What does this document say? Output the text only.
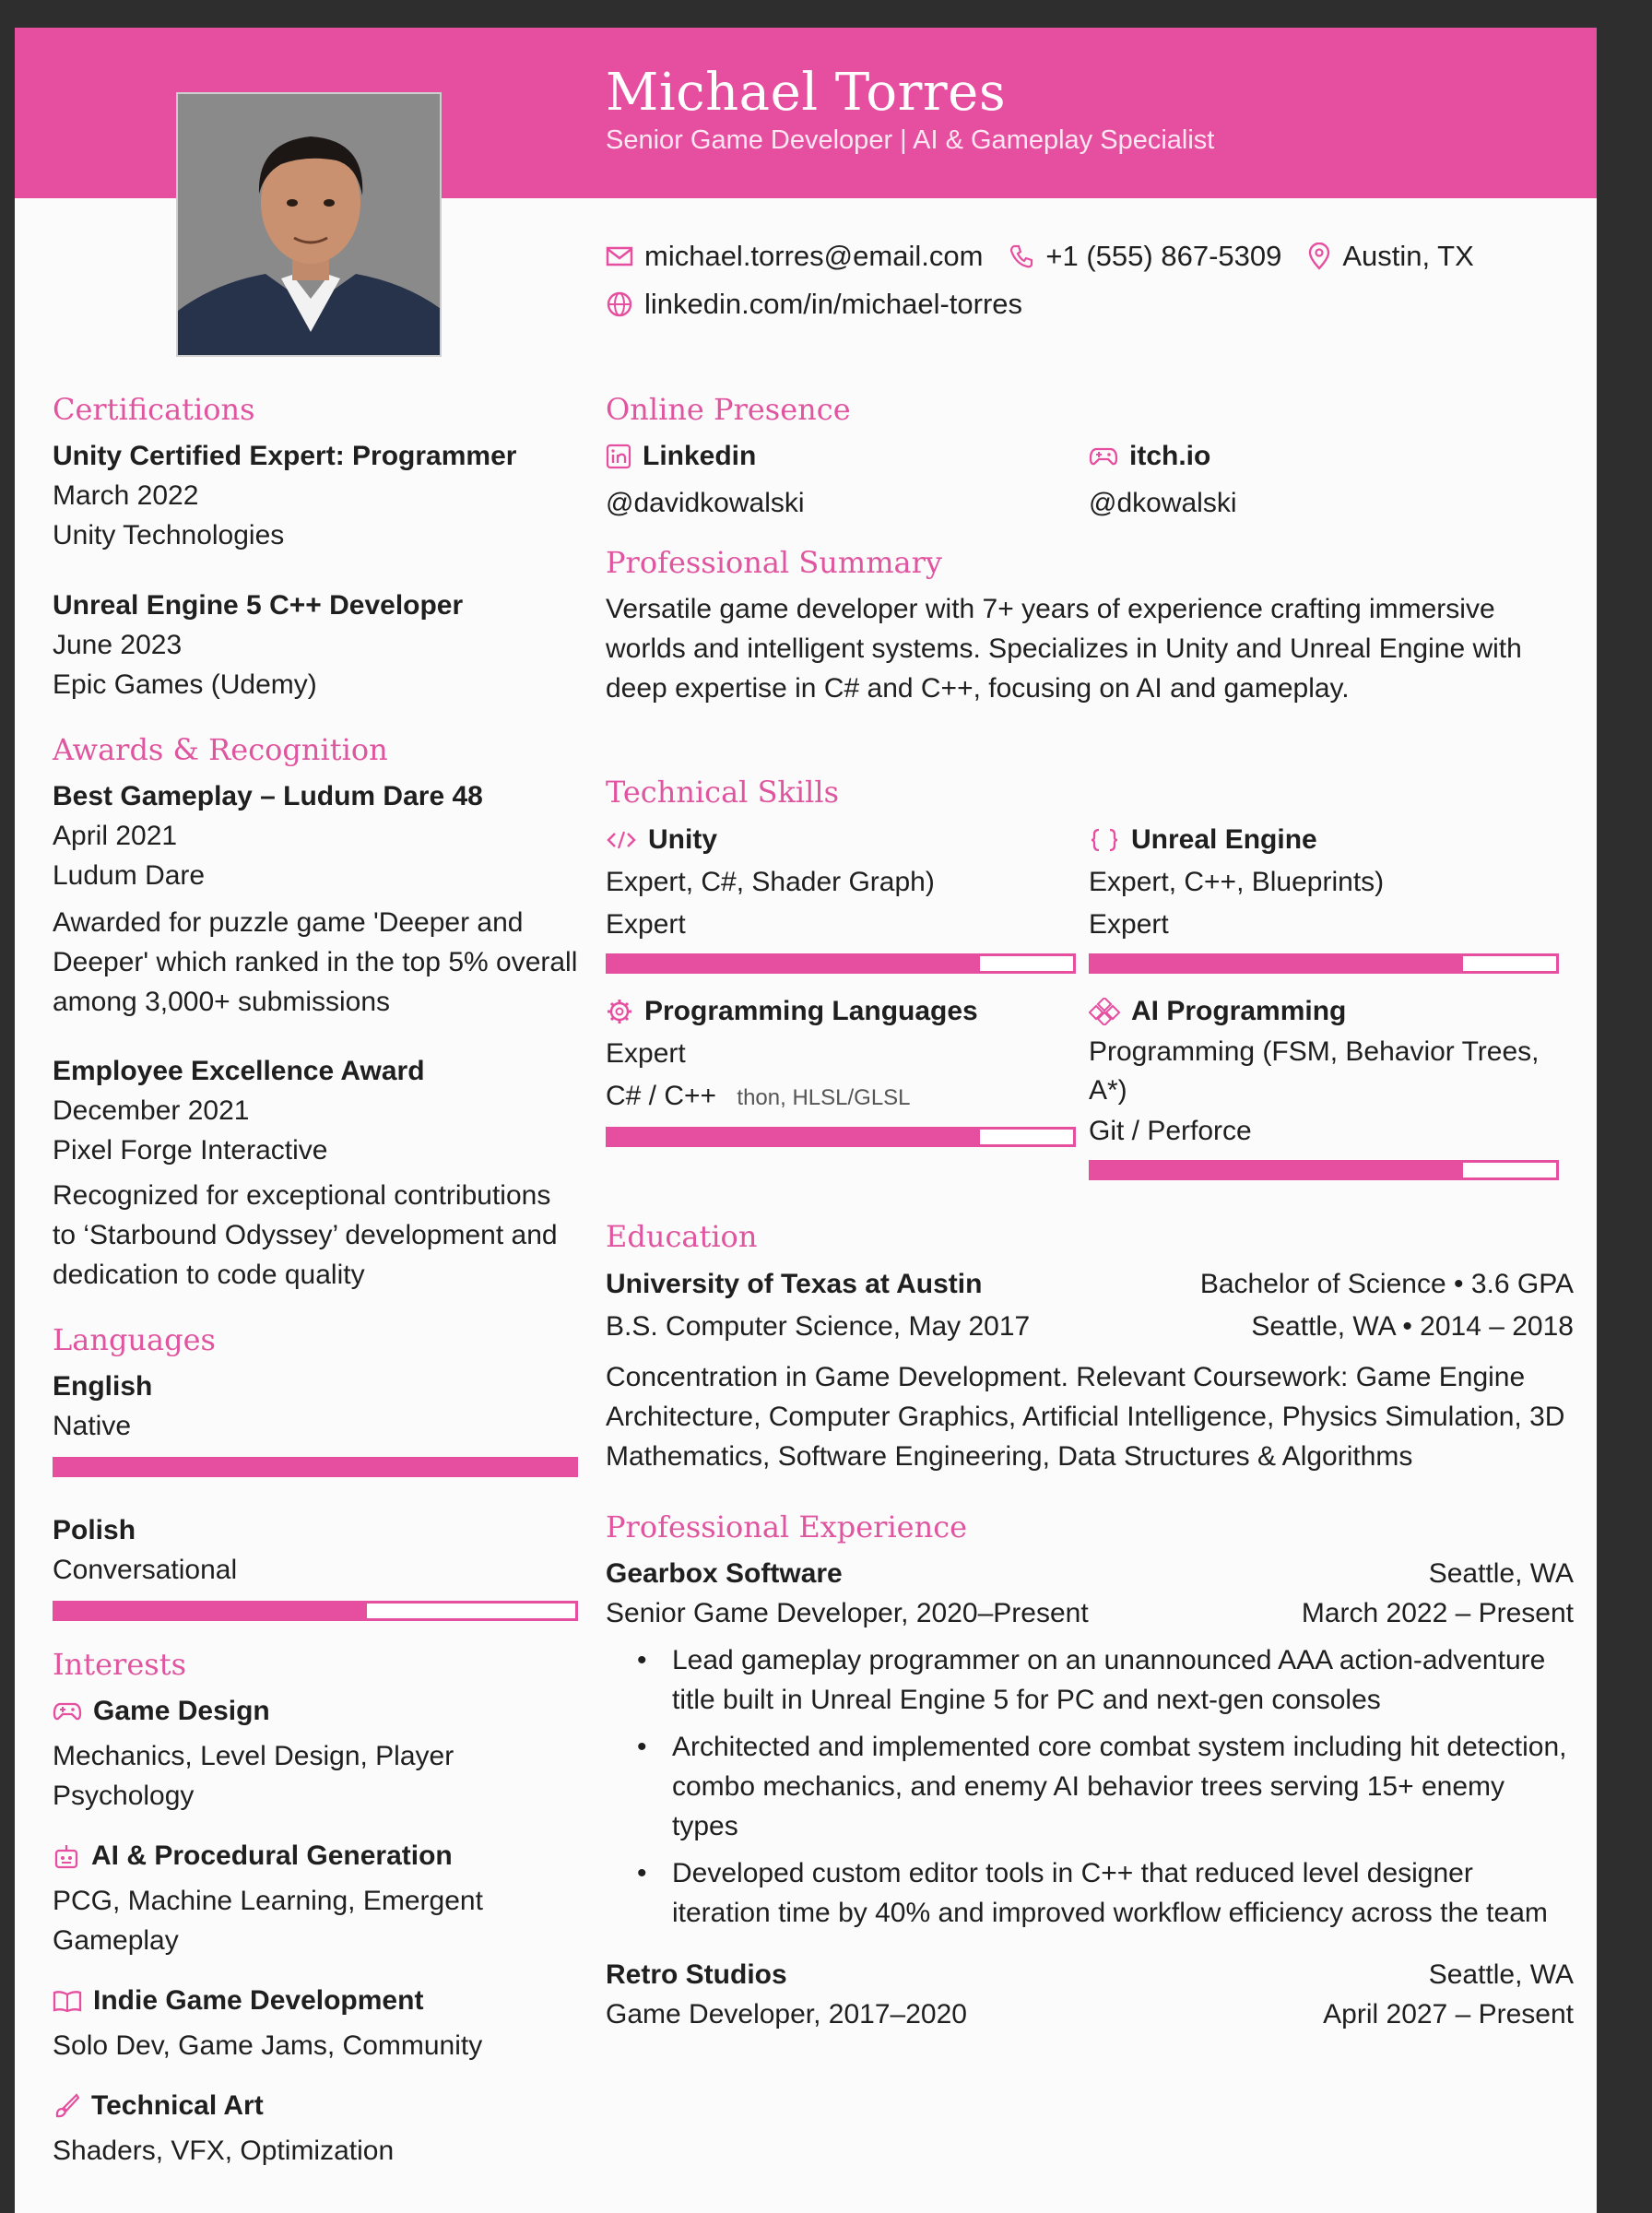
Michael Torres
Senior Game Developer | AI & Gameplay Specialist
michael.torres@email.com +1 (555) 867-5309 Austin, TX
linkedin.com/in/michael-torres
Certifications
Unity Certified Expert: Programmer
March 2022
Unity Technologies
Unreal Engine 5 C++ Developer
June 2023
Epic Games (Udemy)
Awards & Recognition
Best Gameplay – Ludum Dare 48
April 2021
Ludum Dare
Awarded for puzzle game 'Deeper and Deeper' which ranked in the top 5% overall among 3,000+ submissions
Employee Excellence Award
December 2021
Pixel Forge Interactive
Recognized for exceptional contributions to ‘Starbound Odyssey’ development and dedication to code quality
Languages
English
Native
Polish
Conversational
Interests
Game Design
Mechanics, Level Design, Player Psychology
AI & Procedural Generation
PCG, Machine Learning, Emergent Gameplay
Indie Game Development
Solo Dev, Game Jams, Community
Technical Art
Shaders, VFX, Optimization
Online Presence
Linkedin
@davidkowalski
itch.io
@dkowalski
Professional Summary
Versatile game developer with 7+ years of experience crafting immersive worlds and intelligent systems. Specializes in Unity and Unreal Engine with deep expertise in C# and C++, focusing on AI and gameplay.
Technical Skills
Unity
Expert, C#, Shader Graph)
Expert
Unreal Engine
Expert, C++, Blueprints)
Expert
Programming Languages
Expert
C# / C++ thon, HLSL/GLSL
AI Programming
Programming (FSM, Behavior Trees, A*)
Git / Perforce
Education
University of Texas at Austin	Bachelor of Science • 3.6 GPA
B.S. Computer Science, May 2017	Seattle, WA • 2014 – 2018
Concentration in Game Development. Relevant Coursework: Game Engine Architecture, Computer Graphics, Artificial Intelligence, Physics Simulation, 3D Mathematics, Software Engineering, Data Structures & Algorithms
Professional Experience
Gearbox Software	Seattle, WA
Senior Game Developer, 2020–Present	March 2022 – Present
• Lead gameplay programmer on an unannounced AAA action-adventure title built in Unreal Engine 5 for PC and next-gen consoles
• Architected and implemented core combat system including hit detection, combo mechanics, and enemy AI behavior trees serving 15+ enemy types
• Developed custom editor tools in C++ that reduced level designer iteration time by 40% and improved workflow efficiency across the team
Retro Studios	Seattle, WA
Game Developer, 2017–2020	April 2027 – Present
